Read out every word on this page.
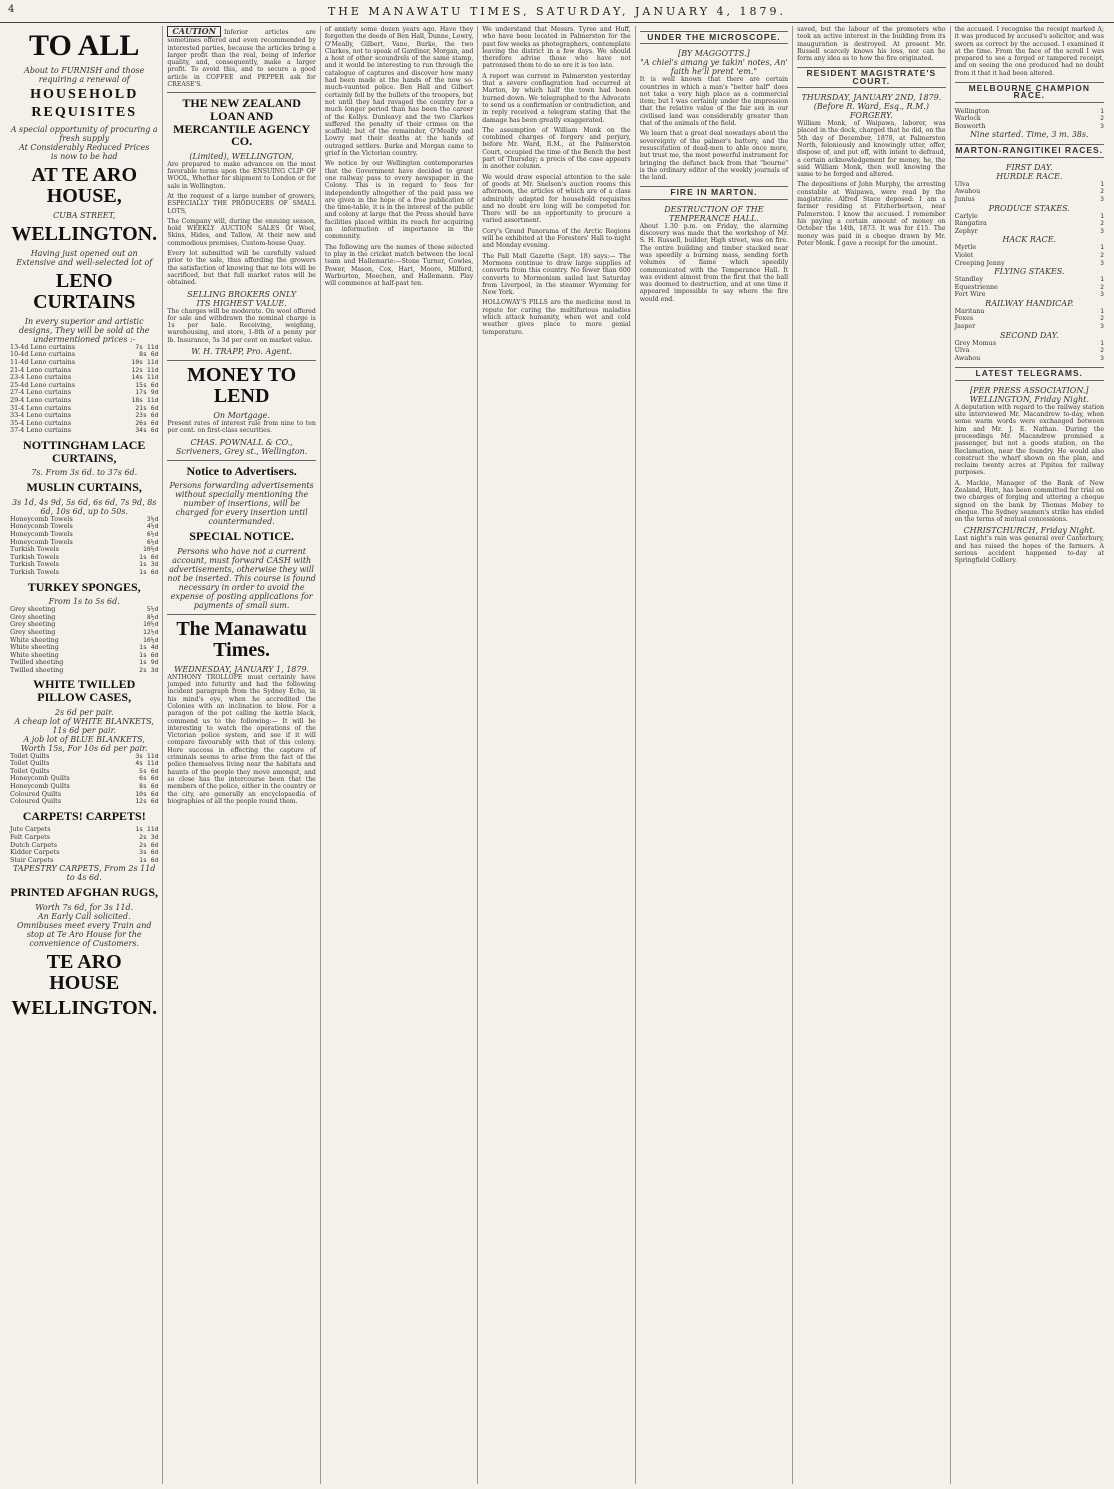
4	THE MANAWATU TIMES, SATURDAY, JANUARY 4, 1879.
TO ALL
About to FURNISH and those requiring a renewal of
HOUSEHOLD
REQUISITES
A special opportunity of procuring a fresh supply
At Considerably Reduced Prices
is now to be had
AT TE ARO HOUSE,
CUBA STREET,
WELLINGTON.
Having just opened out an Extensive and well-selected lot of
LENO CURTAINS
In every superior and artistic designs, They will be sold at the undermentioned prices :-
13-4d Leno curtains	7s 11d
10-4d Leno curtains	8s 6d
11-4d Leno curtains	10s 11d
21-4 Leno curtains	12s 11d
23-4 Leno curtains	14s 11d
25-4d Leno curtains	15s 6d
27-4 Leno curtains	17s 9d
29-4 Leno curtains	18s 11d
31-4 Leno curtains	21s 6d
33-4 Leno curtains	23s 6d
35-4 Leno curtains	26s 6d
37-4 Leno curtains	34s 6d
NOTTINGHAM LACE CURTAINS,
7s. From 3s 6d. to 37s 6d.
MUSLIN CURTAINS,
3s 1d, 4s 9d, 5s 6d, 6s 6d, 7s 9d, 8s 6d, 10s 6d, up to 50s.
Honeycomb Towels	3½d
Honeycomb Towels	4½d
Honeycomb Towels	6½d
Honeycomb Towels	6½d
Turkish Towels	10½d
Turkish Towels	1s 6d
Turkish Towels	1s 3d
Turkish Towels	1s 6d
TURKEY SPONGES,
From 1s to 5s 6d.
Grey sheeting	5½d
Grey sheeting	8½d
Grey sheeting	10½d
Grey sheeting	12½d
White sheeting	10½d
White sheeting	1s 4d
White sheeting	1s 6d
Twilled sheeting	1s 9d
Twilled sheeting	2s 3d
WHITE TWILLED PILLOW CASES,
2s 6d per pair.
A cheap lot of WHITE BLANKETS, 11s 6d per pair.
A job lot of BLUE BLANKETS, Worth 15s, For 10s 6d per pair.
Toilet Quilts	3s 11d
Toilet Quilts	4s 11d
Toilet Quilts	5s 6d
Honeycomb Quilts	6s 6d
Honeycomb Quilts	8s 6d
Coloured Quilts	10s 6d
Coloured Quilts	12s 6d
CARPETS! CARPETS!
Jute Carpets	1s 11d
Felt Carpets	2s 3d
Dutch Carpets	2s 6d
Kidder Carpets	3s 6d
Stair Carpets	1s 6d
TAPESTRY CARPETS, From 2s 11d to 4s 6d.
PRINTED AFGHAN RUGS,
Worth 7s 6d, for 3s 11d.
An Early Call solicited.
Omnibuses meet every Train and stop at Te Aro House for the convenience of Customers.
TE ARO HOUSE
WELLINGTON.

CAUTION Inferior articles are sometimes offered and even recommended by interested parties, because the articles bring a larger profit than the real, being of inferior quality, and, consequently, make a larger profit. To avoid this, and to secure a good article in COFFEE and PEPPER ask for CREASE'S.

THE NEW ZEALAND LOAN AND MERCANTILE AGENCY CO.
(Limited), WELLINGTON,

Are prepared to make advances on the most favorable terms upon the ENSUING CLIP OF WOOL, Whether for shipment to London or for sale in Wellington.

At the request of a large number of growers, ESPECIALLY THE PRODUCERS OF SMALL LOTS,

The Company will, during the ensuing season, hold WEEKLY AUCTION SALES Of Wool, Skins, Hides, and Tallow, At their new and commodious premises, Custom-house Quay.

Every lot submitted will be carefully valued prior to the sale, thus affording the growers the satisfaction of knowing that no lots will be sacrificed, but that full market rates will be obtained.

SELLING BROKERS ONLY
ITS HIGHEST VALUE.

The charges will be moderate. On wool offered for sale and withdrawn the nominal charge is 1s per bale. Receiving, weighing, warehousing, and store, 1-8th of a penny per lb. Insurance, 5s 3d per cent on market value.

W. H. TRAPP, Pro. Agent.
MONEY TO LEND
On Mortgage.

Present rates of interest rule from nine to ten per cent. on first-class securities.

CHAS. POWNALL & CO., Scriveners, Grey st., Wellington.
Notice to Advertisers.

Persons forwarding advertisements without specially mentioning the number of insertions, will be charged for every insertion until countermanded.

SPECIAL NOTICE.

Persons who have not a current account, must forward CASH with advertisements, otherwise they will not be inserted. This course is found necessary in order to avoid the expense of posting applications for payments of small sum.

The Manawatu Times.
WEDNESDAY, JANUARY 1, 1879.

ANTHONY TROLLOPE must certainly have jumped into futurity and had the following incident paragraph from the Sydney Echo, in his mind's eye, when he accredited the Colonies with an inclination to blow. For a paragon of the pot calling the kettle black, commend us to the following:— It will be interesting to watch the operations of the Victorian police system, and see if it will compare favourably with that of this colony. Here success in effecting the capture of criminals seems to arise from the fact of the police themselves living near the habitats and haunts of the people they move amongst, and so close has the intercourse been that the members of the police, either in the country or the city, are generally an encyclopaedia of biographies of all the people round them.

of anxiety some dozen years ago. Have they forgotten the deeds of Ben Hall, Dunne, Lowry, O'Meally, Gilbert, Vane, Burke, the two Clarkes, not to speak of Gardiner, Morgan, and a host of other scoundrels of the same stamp, and it would be interesting to run through the catalogue of captures and discover how many had been made at the hands of the now so-much-vaunted police. Ben Hall and Gilbert certainly fell by the bullets of the troopers, but not until they had ravaged the country for a much longer period than has been the career of the Kellys. Dunleavy and the two Clarkes suffered the penalty of their crimes on the scaffold; but of the remainder, O'Meally and Lowry met their deaths at the hands of outraged settlers. Burke and Morgan came to grief in the Victorian country.

We notice by our Wellington contemporaries that the Government have decided to grant one railway pass to every newspaper in the Colony. This is in regard to fees for independently altogether of the paid pass we are given in the hope of a free publication of the time-table, it is in the interest of the public and colony at large that the Press should have facilities placed within its reach for acquiring an information of importance in the community.

The following are the names of those selected to play in the cricket match between the local team and Hallemarie:—Stone Turner, Cowles, Power, Mason, Cox, Hart, Moore, Milford, Warburton, Meechen, and Hallemann. Play will commence at half-past ten.

We understand that Messrs. Tyree and Huff, who have been located in Palmerston for the past few weeks as photographers, contemplate leaving the district in a few days. We should therefore advise those who have not patronised them to do so ere it is too late.

A report was current in Palmerston yesterday that a severe conflagration had occurred at Marton, by which half the town had been burned down. We telegraphed to the Advocate to send us a confirmation or contradiction, and in reply received a telegram stating that the damage has been greatly exaggerated.

The assumption of William Monk on the combined charges of forgery and perjury, before Mr. Ward, R.M., at the Palmerston Court, occupied the time of the Bench the best part of Thursday; a precis of the case appears in another column.

We would draw especial attention to the sale of goods at Mr. Snelson's auction rooms this afternoon, the articles of which are of a class admirably adapted for household requisites and no doubt ere long will be competed for. There will be an opportunity to procure a varied assortment.

Cory's Grand Panorama of the Arctic Regions will be exhibited at the Foresters' Hall to-night and Monday evening.

The Pall Mall Gazette (Sept. 18) says:— The Mormons continue to draw large supplies of converts from this country. No fewer than 600 converts to Mormonism sailed last Saturday from Liverpool, in the steamer Wyoming for New York.

HOLLOWAY'S PILLS are the medicine most in repute for curing the multifarious maladies which attack humanity, when wet and cold weather gives place to more genial temperature.

UNDER THE MICROSCOPE.
[BY MAGGOTTS.]
"A chiel's amang ye takin' notes, An' faith he'll prent 'em."

It is well known that there are certain countries in which a man's "better half" does not take a very high place as a commercial item; but I was certainly under the impression that the relative value of the fair sex in our civilised land was considerably greater than that of the animals of the field.

We learn that a great deal nowadays about the sovereignty of the palmer's battery, and the resuscitation of dead-men to able once more, but trust me, the most powerful instrument for bringing the defunct back from that "bourne" is the ordinary editor of the weekly journals of the land.

FIRE IN MARTON.
DESTRUCTION OF THE TEMPERANCE HALL.

About 1.30 p.m. on Friday, the alarming discovery was made that the workshop of Mr. S. H. Russell, builder, High street, was on fire. The entire building and timber stacked near was speedily a burning mass, sending forth volumes of flame which speedily communicated with the Temperance Hall. It was evident almost from the first that the hall was doomed to destruction, and at one time it appeared impossible to say where the fire would end.

saved, but the labour of the promoters who took an active interest in the building from its inauguration is destroyed. At present Mr. Russell scarcely knows his loss, nor can he form any idea as to how the fire originated.

RESIDENT MAGISTRATE'S COURT.
THURSDAY, JANUARY 2ND, 1879.
(Before R. Ward, Esq., R.M.)
FORGERY.

William Monk, of Waipawa, laborer, was placed in the dock, charged that he did, on the 5th day of December, 1878, at Palmerston North, feloniously and knowingly utter, offer, dispose of, and put off, with intent to defraud, a certain acknowledgement for money, he, the said William Monk, then well knowing the same to be forged and altered.

The depositions of John Murphy, the arresting constable at Waipawa, were read by the magistrate. Alfred Stace deposed: I am a farmer residing at Fitzherbertson, near Palmerston. I know the accused. I remember his paying a certain amount of money on October the 14th, 1873. It was for £15. The money was paid in a cheque drawn by Mr. Peter Monk. I gave a receipt for the amount.

the accused. I recognise the receipt marked A; it was produced by accused's solicitor, and was sworn as correct by the accused. I examined it at the time. From the face of the scroll I was prepared to see a forged or tampered receipt, and on seeing the one produced had no doubt from it that it had been altered.

MELBOURNE CHAMPION RACE.
Wellington	1
Warlock	2
Bosworth	3
Nine started. Time, 3 m. 38s.
MARTON-RANGITIKEI RACES.
FIRST DAY.
HURDLE RACE.
Ulva	1
Awahou	2
Junius	3
PRODUCE STAKES.
Carlyle	1
Rangatira	2
Zephyr	3
HACK RACE.
Myrtle	1
Violet	2
Creeping Jenny	3
FLYING STAKES.
Standley	1
Equestrienne	2
Fort Wire	3
RAILWAY HANDICAP.
Maritana	1
Foxes	2
Jasper	3
SECOND DAY.
Grey Momus	1
Ulva	2
Awahou	3
LATEST TELEGRAMS.
[PER PRESS ASSOCIATION.]
WELLINGTON, Friday Night.

A deputation with regard to the railway station site interviewed Mr. Macandrew to-day, when some warm words were exchanged between him and Mr. J. E. Nathan. During the proceedings Mr. Macandrew promised a passenger, but not a goods station, on the Reclamation, near the foundry. He would also construct the wharf shown on the plan, and reclaim twenty acres at Pipitea for railway purposes.

A. Mackie, Manager of the Bank of New Zealand, Hutt, has been committed for trial on two charges of forging and uttering a cheque signed on the bank by Thomas Mobey to cheque. The Sydney seamen's strike has ended on the terms of mutual concessions.

CHRISTCHURCH, Friday Night.

Last night's rain was general over Canterbury, and has raised the hopes of the farmers. A serious accident happened to-day at Springfield Colliery.
